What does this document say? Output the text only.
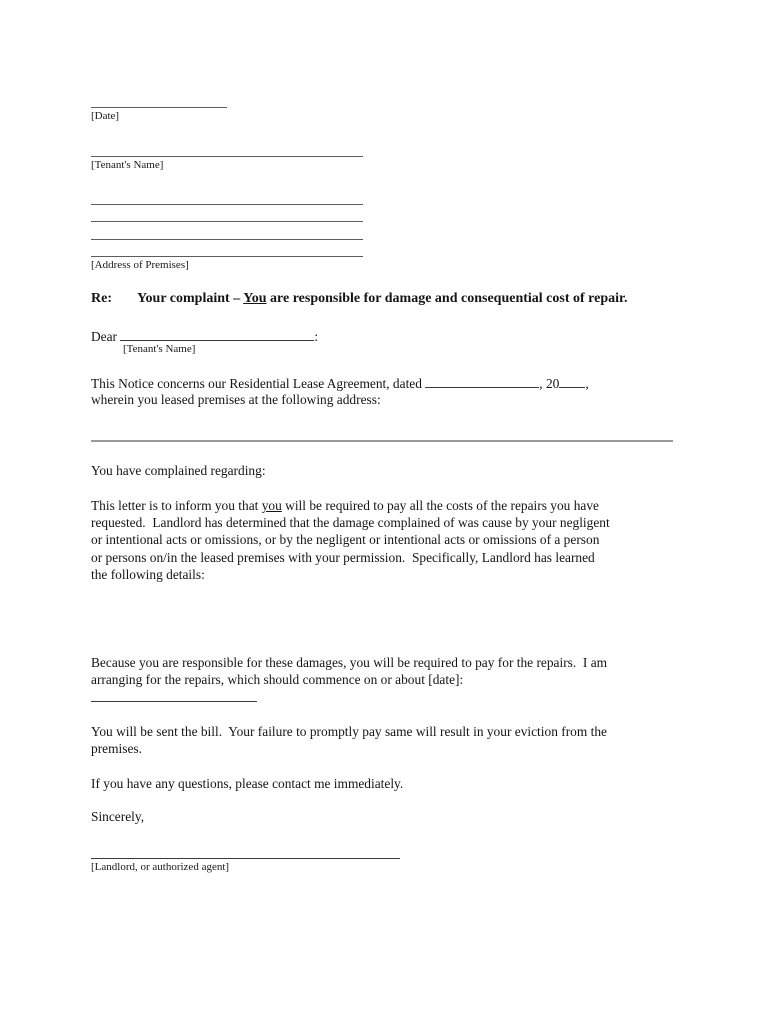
[Date]
[Tenant's Name]
[Address of Premises]
Re: Your complaint – You are responsible for damage and consequential cost of repair.
Dear	:
[Tenant's Name]
This Notice concerns our Residential Lease Agreement, dated	, 20 ,
wherein you leased premises at the following address:
You have complained regarding:
This letter is to inform you that you will be required to pay all the costs of the repairs you have
requested.  Landlord has determined that the damage complained of was cause by your negligent
or intentional acts or omissions, or by the negligent or intentional acts or omissions of a person
or persons on/in the leased premises with your permission.  Specifically, Landlord has learned
the following details:
Because you are responsible for these damages, you will be required to pay for the repairs.  I am
arranging for the repairs, which should commence on or about [date]:
You will be sent the bill.  Your failure to promptly pay same will result in your eviction from the
premises.
If you have any questions, please contact me immediately.
Sincerely,
[Landlord, or authorized agent]
